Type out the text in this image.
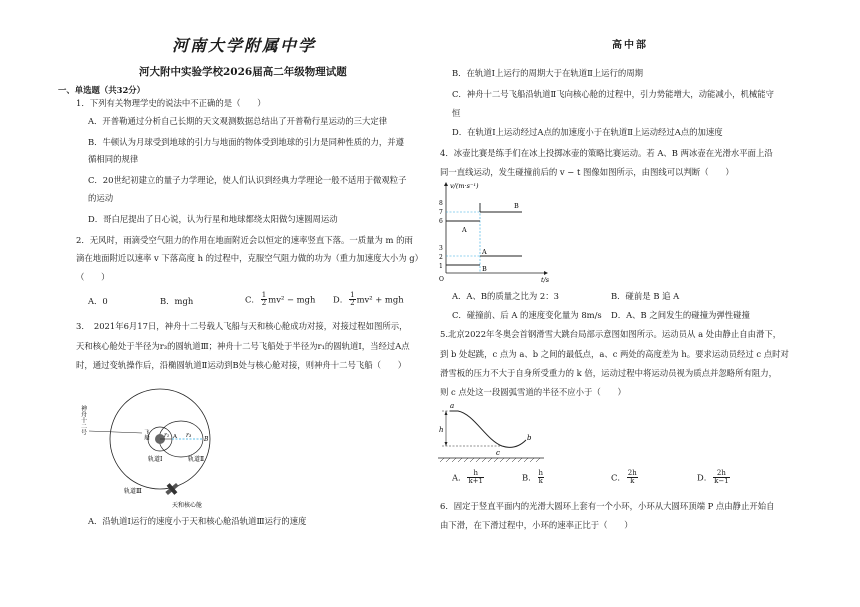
河南大学附属中学	高中部
河大附中实验学校2026届高二年级物理试题
一、单选题（共32分）
1．下列有关物理学史的说法中不正确的是（　　）
A．开普勒通过分析自己长期的天文观测数据总结出了开普勒行星运动的三大定律
B．牛顿认为月球受到地球的引力与地面的物体受到地球的引力是同种性质的力，并遵
循相同的规律
C．20世纪初建立的量子力学理论，使人们认识到经典力学理论一般不适用于微观粒子
的运动
D．哥白尼提出了日心说，认为行星和地球都绕太阳做匀速圆周运动
2．无风时，雨滴受空气阻力的作用在地面附近会以恒定的速率竖直下落。一质量为 m 的雨
滴在地面附近以速率 v 下落高度 h 的过程中，克服空气阻力做的功为（重力加速度大小为 g）
（　　）
A．0	B．mgh	C． $\frac{1}{2} mv^2$ − mgh D． $\frac{1}{2} mv^2$ + mgh
3．　2021年6月17日，神舟十二号载人飞船与天和核心舱成功对接，对接过程如图所示，
天和核心舱处于半径为r₃的圆轨道Ⅲ；神舟十二号飞船处于半径为r₁的圆轨道Ⅰ，当经过A点
时，通过变轨操作后，沿椭圆轨道Ⅱ运动到B处与核心舱对接，则神舟十二号飞船（　　）
r₁	r₃
A	B
神舟十二号	飞船
轨道Ⅰ	轨道Ⅱ
轨道Ⅲ
天和核心舱
A．沿轨道Ⅰ运行的速度小于天和核心舱沿轨道Ⅲ运行的速度
B．在轨道Ⅰ上运行的周期大于在轨道Ⅱ上运行的周期
C．神舟十二号飞船沿轨道Ⅱ飞向核心舱的过程中，引力势能增大，动能减小，机械能守
恒
D．在轨道Ⅰ上运动经过A点的加速度小于在轨道Ⅱ上运动经过A点的加速度
4．冰壶比赛是练手们在冰上投掷冰壶的策略比赛运动。若 A、B 两冰壶在光滑水平面上沿
同一直线运动，发生碰撞前后的 v − t 图像如图所示，由图线可以判断（　　）
v/(m·s⁻¹)
t/s
O
8
7
6
3
2
1
A
B
A
B
A．A、B的质量之比为 2：3	B．碰前是 B 追 A
C．碰撞前、后 A 的速度变化量为 8m/s D．A、B 之间发生的碰撞为弹性碰撞
5.北京2022年冬奥会首钢滑雪大跳台局部示意图如图所示。运动员从 a 处由静止自由滑下，
到 b 处起跳，c 点为 a、b 之间的最低点，a、c 两处的高度差为 h。要求运动员经过 c 点时对
滑雪板的压力不大于自身所受重力的 k 倍，运动过程中将运动员视为质点并忽略所有阻力，
则 c 点处这一段圆弧雪道的半径不应小于（　　）
h
a
c
b
A． $\frac{h}{k+1}$	B． $\frac{h}{k}$	C． $\frac{2h}{k}$	D． $\frac{2h}{k-1}$
6．固定于竖直平面内的光滑大圆环上套有一个小环，小环从大圆环顶端 P 点由静止开始自
由下滑，在下滑过程中，小环的速率正比于（　　）
